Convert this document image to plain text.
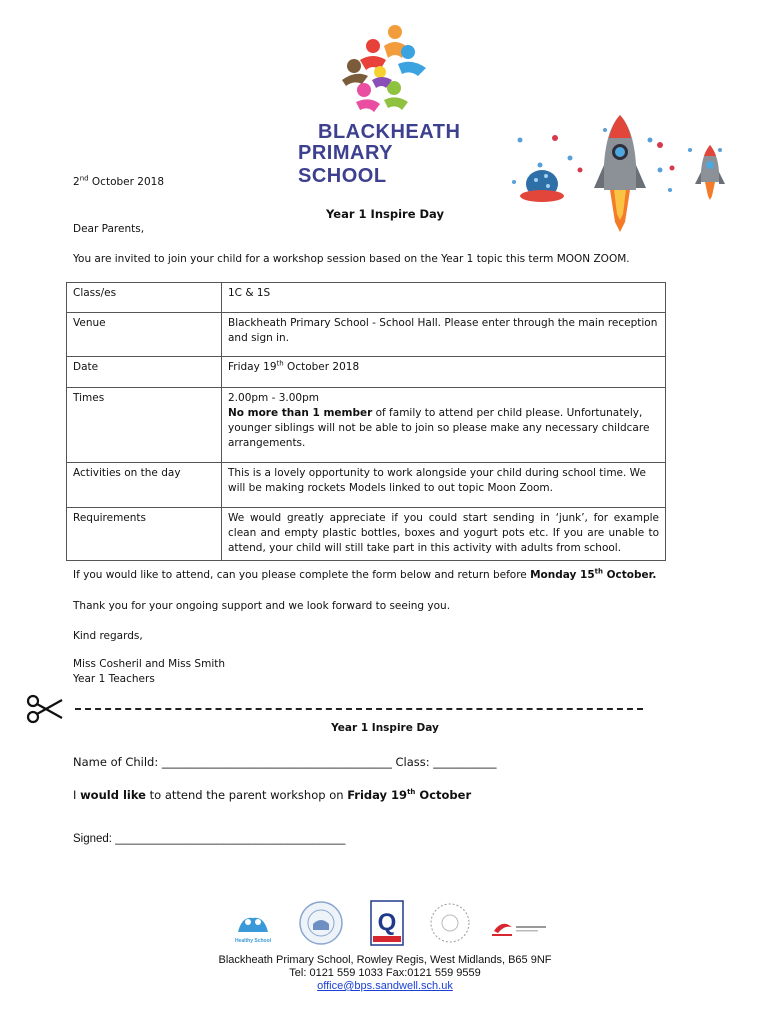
BLACKHEATH
PRIMARY SCHOOL
2nd October 2018
Year 1 Inspire Day
Dear Parents,
You are invited to join your child for a workshop session based on the Year 1 topic this term MOON ZOOM.
Class/es	1C & 1S
Venue	Blackheath Primary School - School Hall. Please enter through the main reception and sign in.
Date	Friday 19th October 2018
Times	2.00pm - 3.00pm
No more than 1 member of family to attend per child please. Unfortunately, younger siblings will not be able to join so please make any necessary childcare arrangements.

Activities on the day	This is a lovely opportunity to work alongside your child during school time. We will be making rockets Models linked to out topic Moon Zoom.
Requirements	We would greatly appreciate if you could start sending in ‘junk’, for example clean and empty plastic bottles, boxes and yogurt pots etc. If you are unable to attend, your child will still take part in this activity with adults from school.
If you would like to attend, can you please complete the form below and return before Monday 15th October.
Thank you for your ongoing support and we look forward to seeing you.
Kind regards,
Miss Cosheril and Miss Smith
Year 1 Teachers
Year 1 Inspire Day
Name of Child: ________________________________________ Class: ___________
I would like to attend the parent workshop on Friday 19th October
Signed: ____________________________________
Healthy School
Q
Blackheath Primary School, Rowley Regis, West Midlands, B65 9NF
Tel: 0121 559 1033 Fax:0121 559 9559
office@bps.sandwell.sch.uk
